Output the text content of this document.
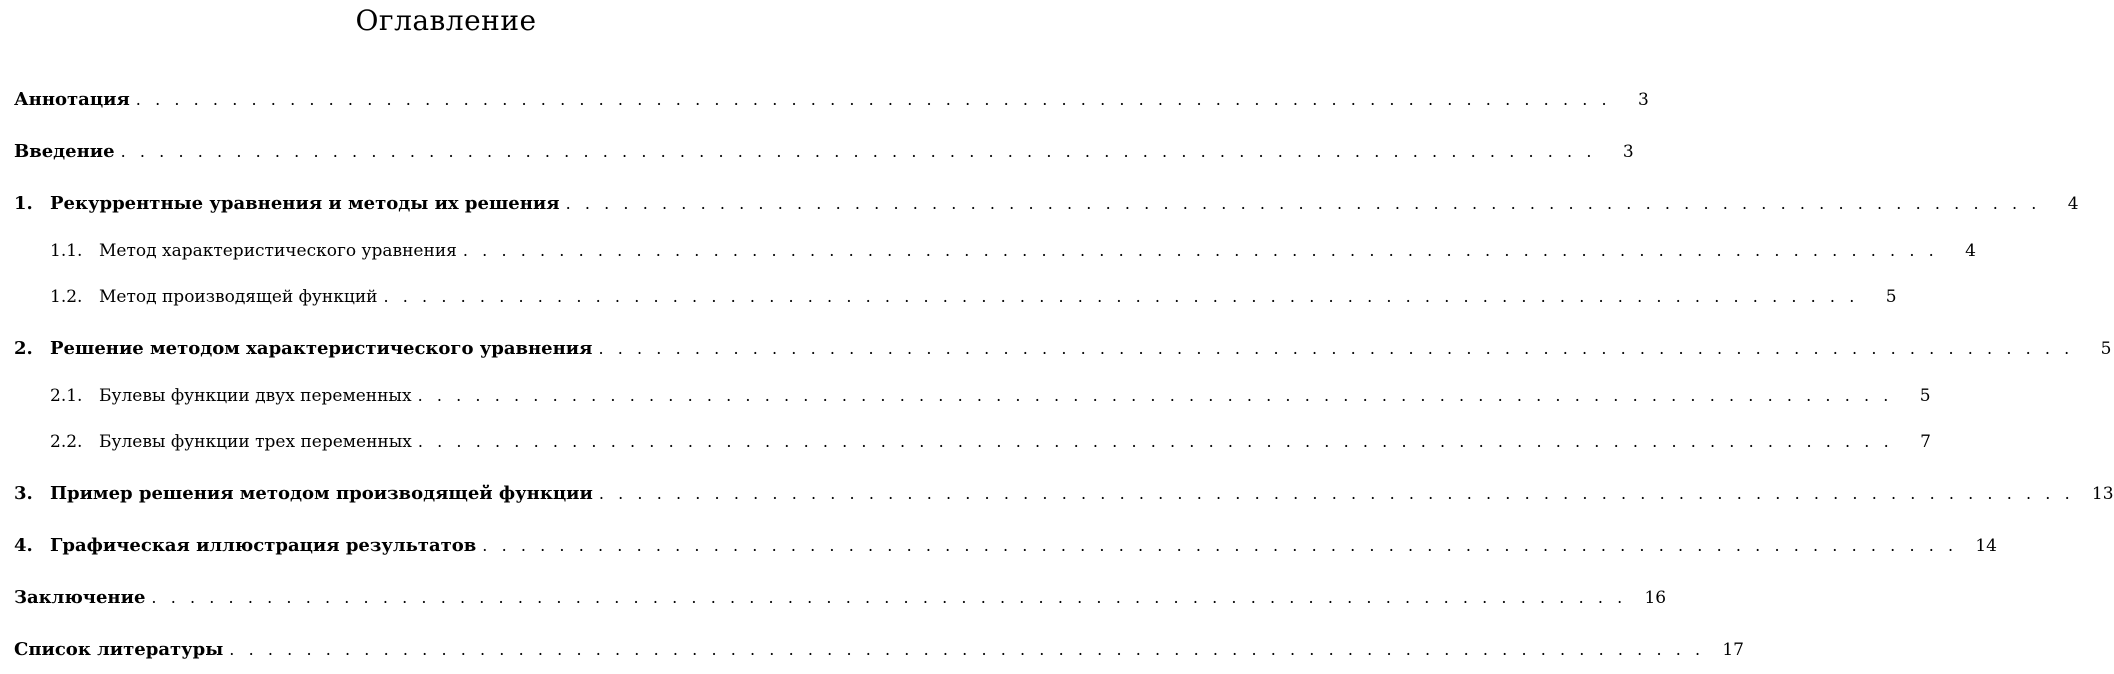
Оглавление
Аннотация .............................................................................	3
Введение .............................................................................	3
1. Рекуррентные уравнения и методы их решения .............................................................................	4
1.1. Метод характеристического уравнения .............................................................................	4
1.2. Метод производящей функций .............................................................................	5
2. Решение методом характеристического уравнения .............................................................................	5
2.1. Булевы функции двух переменных .............................................................................	5
2.2. Булевы функции трех переменных .............................................................................	7
3. Пример решения методом производящей функции ............................................................................. 13
4. Графическая иллюстрация результатов ............................................................................. 14
Заключение ............................................................................. 16
Список литературы ............................................................................. 17
